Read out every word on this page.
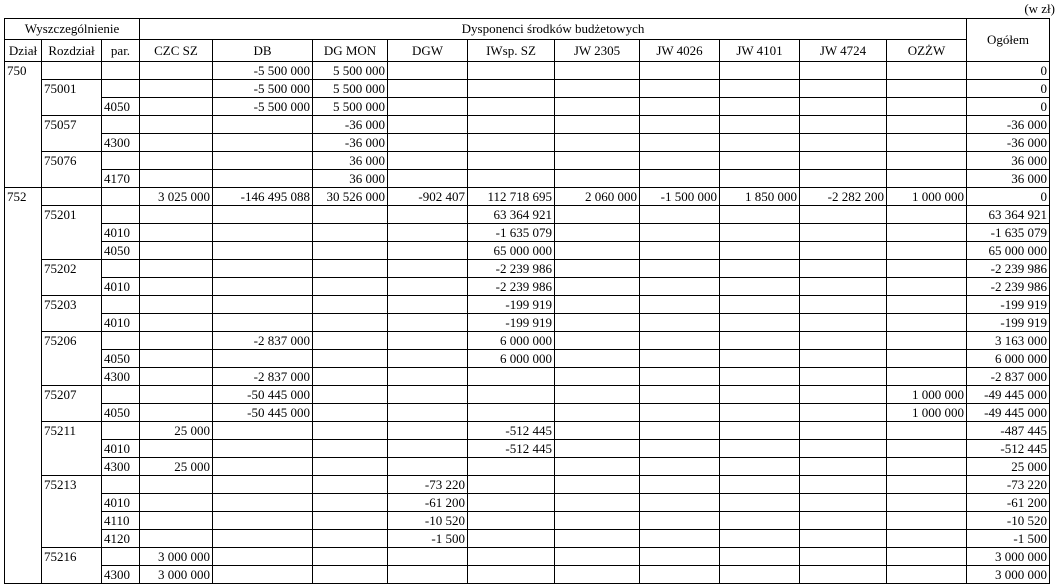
(w zł)
Wyszczególnienie			Dysponenci środków budżetowych										Ogółem
Dział	Rozdział	par.	CZC SZ	DB	DG MON	DGW	IWsp. SZ	JW 2305	JW 4026	JW 4101	JW 4724	OZŻW	
750				-5 500 000	5 500 000								0
	75001			-5 500 000	5 500 000								0
		4050		-5 500 000	5 500 000								0
	75057				-36 000								-36 000
		4300			-36 000								-36 000
	75076				36 000								36 000
		4170			36 000								36 000
752			3 025 000	-146 495 088	30 526 000	-902 407	112 718 695	2 060 000	-1 500 000	1 850 000	-2 282 200	1 000 000	0
	75201						63 364 921						63 364 921
		4010					-1 635 079						-1 635 079
		4050					65 000 000						65 000 000
	75202						-2 239 986						-2 239 986
		4010					-2 239 986						-2 239 986
	75203						-199 919						-199 919
		4010					-199 919						-199 919
	75206			-2 837 000			6 000 000						3 163 000
		4050					6 000 000						6 000 000
		4300		-2 837 000									-2 837 000
	75207			-50 445 000								1 000 000	-49 445 000
		4050		-50 445 000								1 000 000	-49 445 000
	75211		25 000				-512 445						-487 445
		4010					-512 445						-512 445
		4300	25 000										25 000
	75213					-73 220							-73 220
		4010				-61 200							-61 200
		4110				-10 520							-10 520
		4120				-1 500							-1 500
	75216		3 000 000										3 000 000
		4300	3 000 000										3 000 000
